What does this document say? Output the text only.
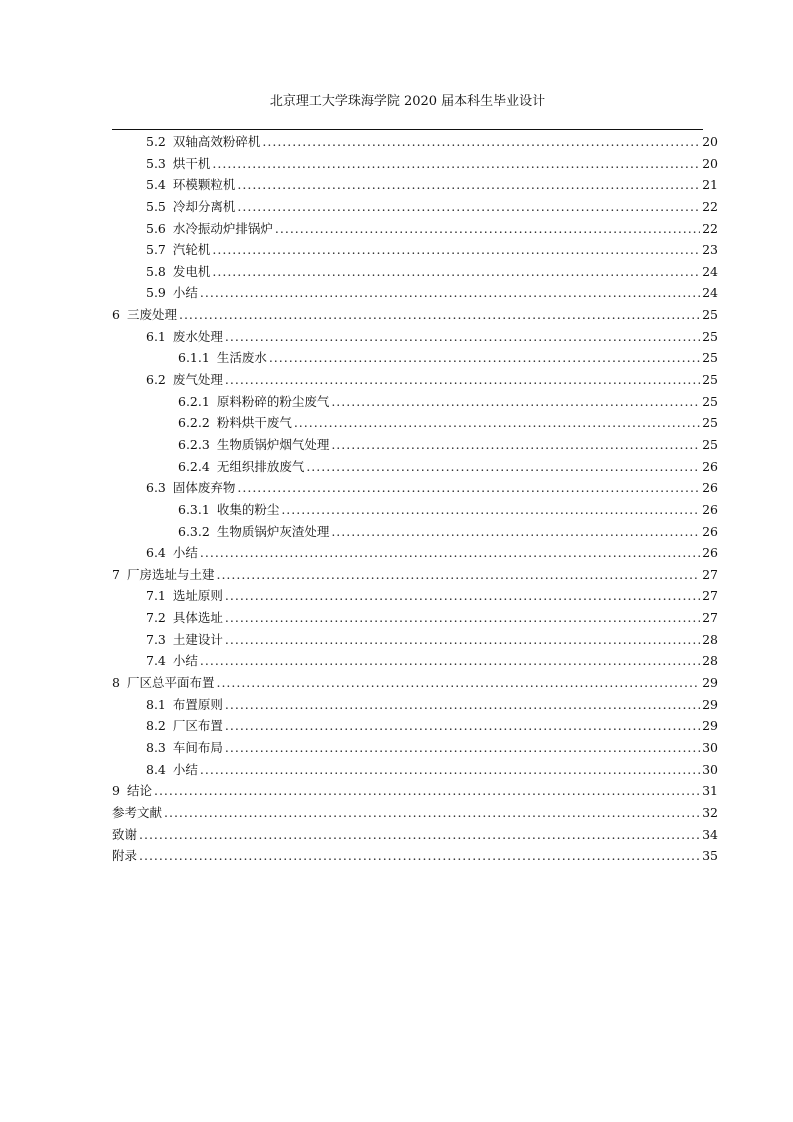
北京理工大学珠海学院 2020 届本科生毕业设计
5.2 双轴高效粉碎机 .....	20
5.3 烘干机 .....	20
5.4 环模颗粒机 .....	21
5.5 冷却分离机 .....	22
5.6 水冷振动炉排锅炉 .....	22
5.7 汽轮机 .....	23
5.8 发电机 .....	24
5.9 小结 .....	24
6 三废处理 .....	25
6.1 废水处理 .....	25
6.1.1 生活废水 .....	25
6.2 废气处理 .....	25
6.2.1 原料粉碎的粉尘废气 .....	25
6.2.2 粉料烘干废气 .....	25
6.2.3 生物质锅炉烟气处理 .....	25
6.2.4 无组织排放废气 .....	26
6.3 固体废弃物 .....	26
6.3.1 收集的粉尘 .....	26
6.3.2 生物质锅炉灰渣处理 .....	26
6.4 小结 .....	26
7 厂房选址与土建 .....	27
7.1 选址原则 .....	27
7.2 具体选址 .....	27
7.3 土建设计 .....	28
7.4 小结 .....	28
8 厂区总平面布置 .....	29
8.1 布置原则 .....	29
8.2 厂区布置 .....	29
8.3 车间布局 .....	30
8.4 小结 .....	30
9 结论 .....	31
参考文献 .....	32
致谢 .....	34
附录 .....	35
